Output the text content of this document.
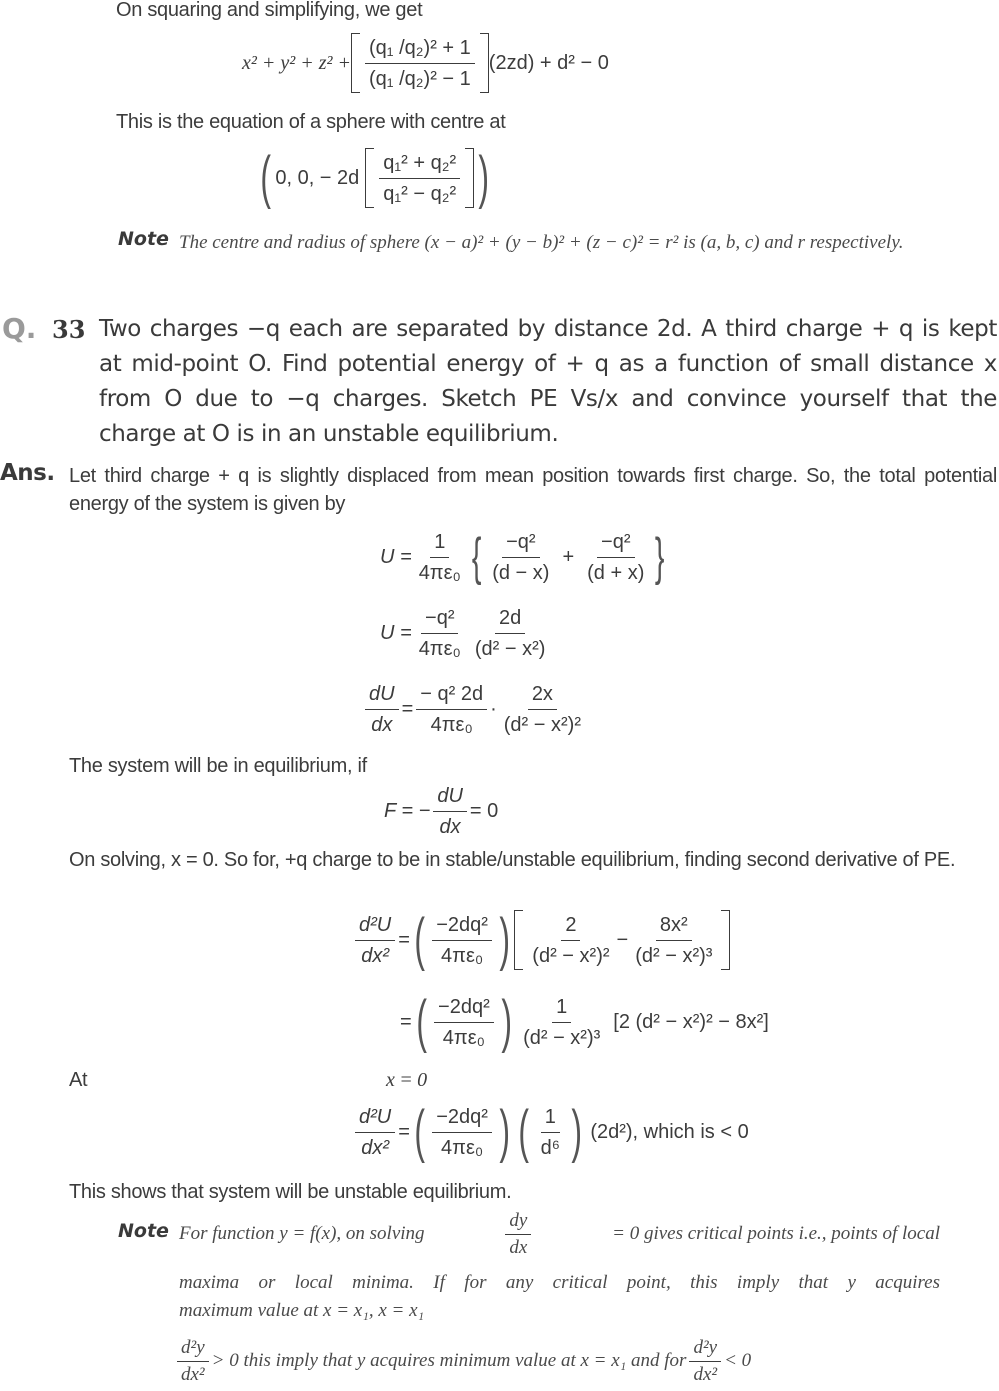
On squaring and simplifying, we get
$x^2 + y^2 + z^2 + \frac{\text{(q₁ /q₂)² + 1}}{\text{(q₁ /q₂)² − 1}} (2zd) + d^2 - 0$
This is the equation of a sphere with centre at
( 0, 0, − $2d \frac{\text{q₁² + q₂²}}{\text{q₁² − q₂²}}$ )
Note The centre and radius of sphere (x − a)² + (y − b)² + (z − c)² = r² is (a, b, c) and r respectively.
Q. 33 Two charges −q each are separated by distance 2d. A third charge + q is kept at mid-point O. Find potential energy of + q as a function of small distance x from O due to −q charges. Sketch PE Vs/x and convince yourself that the charge at O is in an unstable equilibrium.
Ans. Let third charge + q is slightly displaced from mean position towards first charge. So, the total potential energy of the system is given by
$U = \frac{1}{\text{4πε₀}}$ { $\frac{\text{−q²}}{(d - x)} + \frac{\text{−q²}}{(d + x)}$ }
$U = \frac{\text{−q²}}{\text{4πε₀}} \frac{2d}{\text{(d² − x²)}}$
$\frac{dU}{dx} = \frac{\text{− q² 2d}}{\text{4πε₀}} \cdot \frac{2x}{\text{(d² − x²)²}}$
The system will be in equilibrium, if
F = − $\frac{dU}{dx} = 0$
On solving, x = 0. So for, +q charge to be in stable/unstable equilibrium, finding second derivative of PE.
$\frac{\text{d²U}}{\text{dx²}}$ = ( $\frac{\text{−2dq²}}{\text{4πε₀}}$ ) $\frac{2}{\text{(d² − x²)²}} - \frac{\text{8x²}}{\text{(d² − x²)³}}$
= ( $\frac{\text{−2dq²}}{\text{4πε₀}}$ ) $\frac{1}{\text{(d² − x²)³}} [2$ (d² − x²)² − 8x²]
At	x = 0
$\frac{\text{d²U}}{\text{dx²}}$ = ( $\frac{\text{−2dq²}}{\text{4πε₀}}$ ) ( $\frac{1}{\text{d⁶}}$ ) (2d²), which is < 0
This shows that system will be unstable equilibrium.
Note For function y = f(x), on solving	$\frac{dy}{dx}$	= 0 gives critical points i.e., points of local
maxima or local minima. If for any critical point, this imply that y acquires
maximum value at x = x₁, x = x₁
$\frac{\text{d²y}}{\text{dx²}} > 0$ this imply that y acquires minimum value at x = x₁ and for $\frac{\text{d²y}}{\text{dx²}} < 0$
